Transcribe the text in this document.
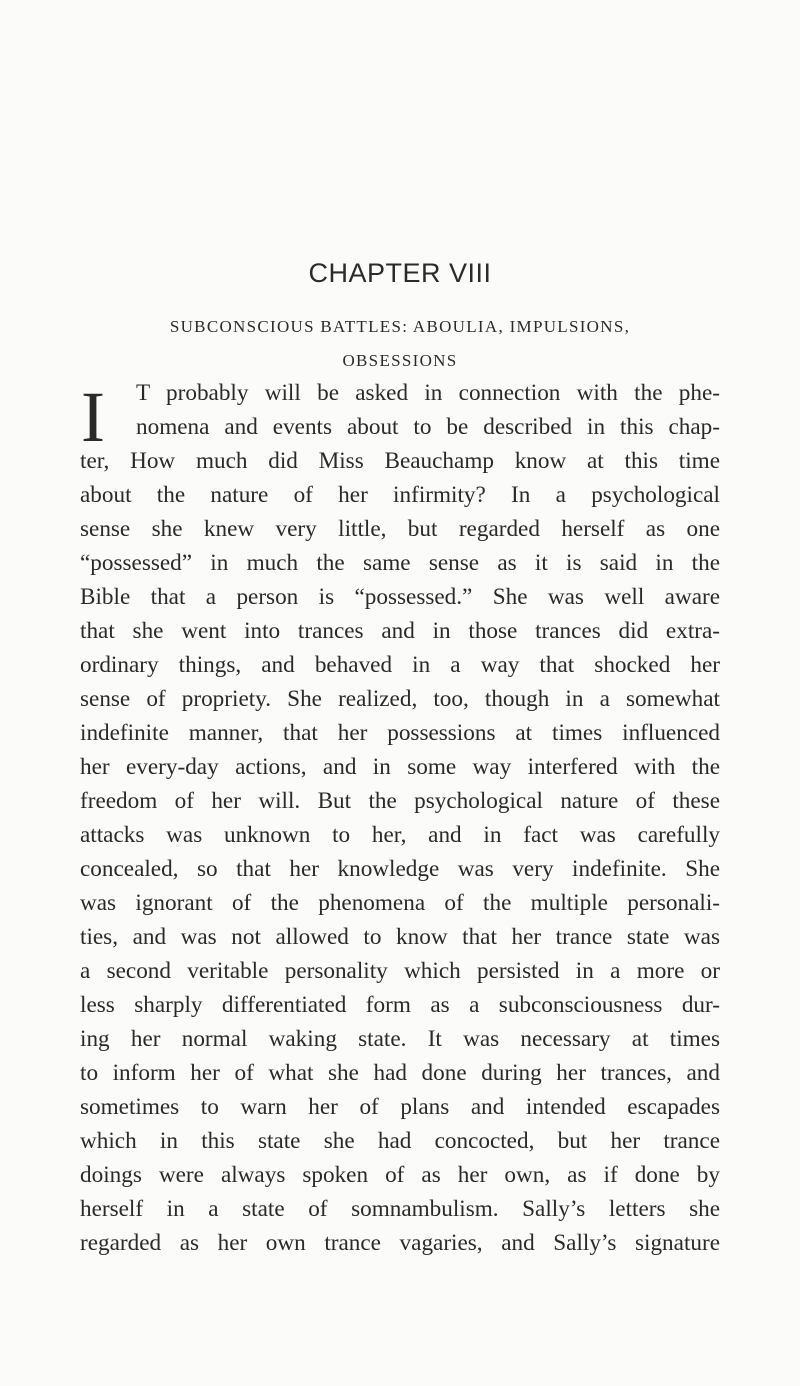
CHAPTER VIII

SUBCONSCIOUS BATTLES: ABOULIA, IMPULSIONS,

OBSESSIONS

I T probably will be asked in connection with the phe-
nomena and events about to be described in this chap-
ter, How much did Miss Beauchamp know at this time
about the nature of her infirmity? In a psychological
sense she knew very little, but regarded herself as one
“possessed” in much the same sense as it is said in the
Bible that a person is “possessed.” She was well aware
that she went into trances and in those trances did extra-
ordinary things, and behaved in a way that shocked her
sense of propriety. She realized, too, though in a somewhat
indefinite manner, that her possessions at times influenced
her every-day actions, and in some way interfered with the
freedom of her will. But the psychological nature of these
attacks was unknown to her, and in fact was carefully
concealed, so that her knowledge was very indefinite. She
was ignorant of the phenomena of the multiple personali-
ties, and was not allowed to know that her trance state was
a second veritable personality which persisted in a more or
less sharply differentiated form as a subconsciousness dur-
ing her normal waking state. It was necessary at times
to inform her of what she had done during her trances, and
sometimes to warn her of plans and intended escapades
which in this state she had concocted, but her trance
doings were always spoken of as her own, as if done by
herself in a state of somnambulism. Sally’s letters she
regarded as her own trance vagaries, and Sally’s signature
